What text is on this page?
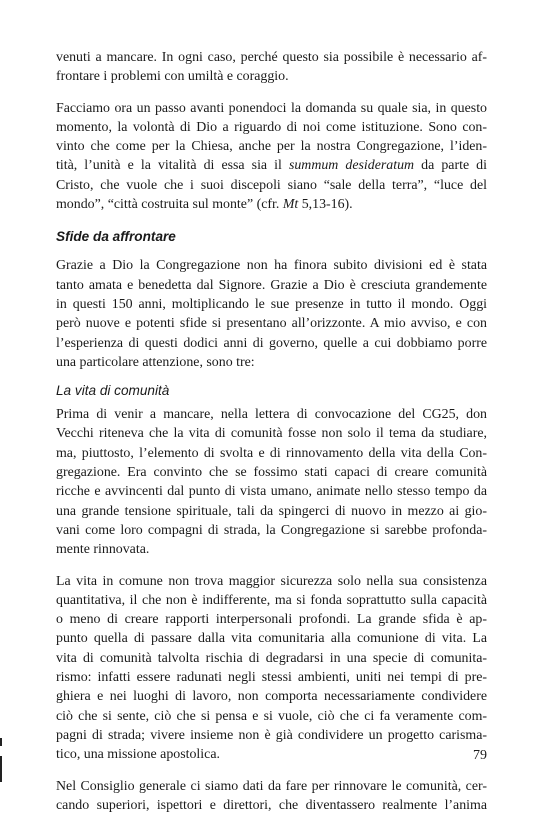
venuti a mancare. In ogni caso, perché questo sia possibile è necessario af-
frontare i problemi con umiltà e coraggio.

Facciamo ora un passo avanti ponendoci la domanda su quale sia, in questo
momento, la volontà di Dio a riguardo di noi come istituzione. Sono con-
vinto che come per la Chiesa, anche per la nostra Congregazione, l’iden-
tità, l’unità e la vitalità di essa sia il summum desideratum da parte di
Cristo, che vuole che i suoi discepoli siano “sale della terra”, “luce del
mondo”, “città costruita sul monte” (cfr. Mt 5,13-16).

Sfide da affrontare

Grazie a Dio la Congregazione non ha finora subito divisioni ed è stata
tanto amata e benedetta dal Signore. Grazie a Dio è cresciuta grandemente
in questi 150 anni, moltiplicando le sue presenze in tutto il mondo. Oggi
però nuove e potenti sfide si presentano all’orizzonte. A mio avviso, e con
l’esperienza di questi dodici anni di governo, quelle a cui dobbiamo porre
una particolare attenzione, sono tre:

La vita di comunità

Prima di venir a mancare, nella lettera di convocazione del CG25, don
Vecchi riteneva che la vita di comunità fosse non solo il tema da studiare,
ma, piuttosto, l’elemento di svolta e di rinnovamento della vita della Con-
gregazione. Era convinto che se fossimo stati capaci di creare comunità
ricche e avvincenti dal punto di vista umano, animate nello stesso tempo da
una grande tensione spirituale, tali da spingerci di nuovo in mezzo ai gio-
vani come loro compagni di strada, la Congregazione si sarebbe profonda-
mente rinnovata.

La vita in comune non trova maggior sicurezza solo nella sua consistenza
quantitativa, il che non è indifferente, ma si fonda soprattutto sulla capacità
o meno di creare rapporti interpersonali profondi. La grande sfida è ap-
punto quella di passare dalla vita comunitaria alla comunione di vita. La
vita di comunità talvolta rischia di degradarsi in una specie di comunita-
rismo: infatti essere radunati negli stessi ambienti, uniti nei tempi di pre-
ghiera e nei luoghi di lavoro, non comporta necessariamente condividere
ciò che si sente, ciò che si pensa e si vuole, ciò che ci fa veramente com-
pagni di strada; vivere insieme non è già condividere un progetto carisma-
tico, una missione apostolica.

Nel Consiglio generale ci siamo dati da fare per rinnovare le comunità, cer-
cando superiori, ispettori e direttori, che diventassero realmente l’anima

79
